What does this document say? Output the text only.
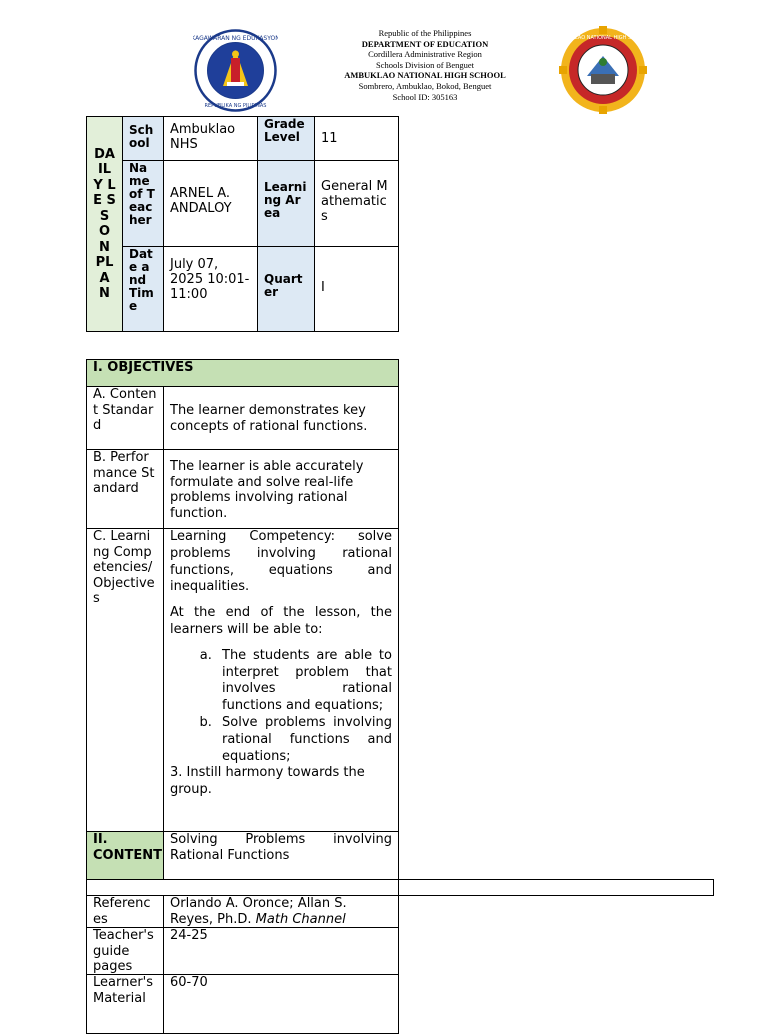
KAGAWARAN NG EDUKASYON
REPUBLIKA NG PILIPINAS
Republic of the Philippines
DEPARTMENT OF EDUCATION
Cordillera Administrative Region
Schools Division of Benguet
AMBUKLAO NATIONAL HIGH SCHOOL
Sombrero, Ambuklao, Bokod, Benguet
School ID: 305163
AMBUKLAO NATIONAL HIGH SCHOOL
DA IL Y LE SS O N PL A N
School
Ambuklao NHS
Grade Level	11
Name of Teacher
ARNEL A. ANDALOY
Learning Area
General Mathematics
Date and Time
July 07, 2025 10:01-11:00
Quarter	I
I. OBJECTIVES
A. Content Standard
The learner demonstrates key concepts of rational functions.
B. Performance Standard
The learner is able accurately formulate and solve real-life problems involving rational function.
C. Learning Competencies/ Objectives

Learning Competency: solve problems involving rational functions, equations and inequalities.

At the end of the lesson, the learners will be able to:

a. The students are able to interpret problem that involves rational functions and equations;
b. Solve problems involving rational functions and equations;

3. Instill harmony towards the group.

II. CONTENT
Solving Problems involving Rational Functions
References
Orlando A. Oronce; Allan S. Reyes, Ph.D. Math Channel
Teacher's guide pages
24-25
Learner's Material
60-70
